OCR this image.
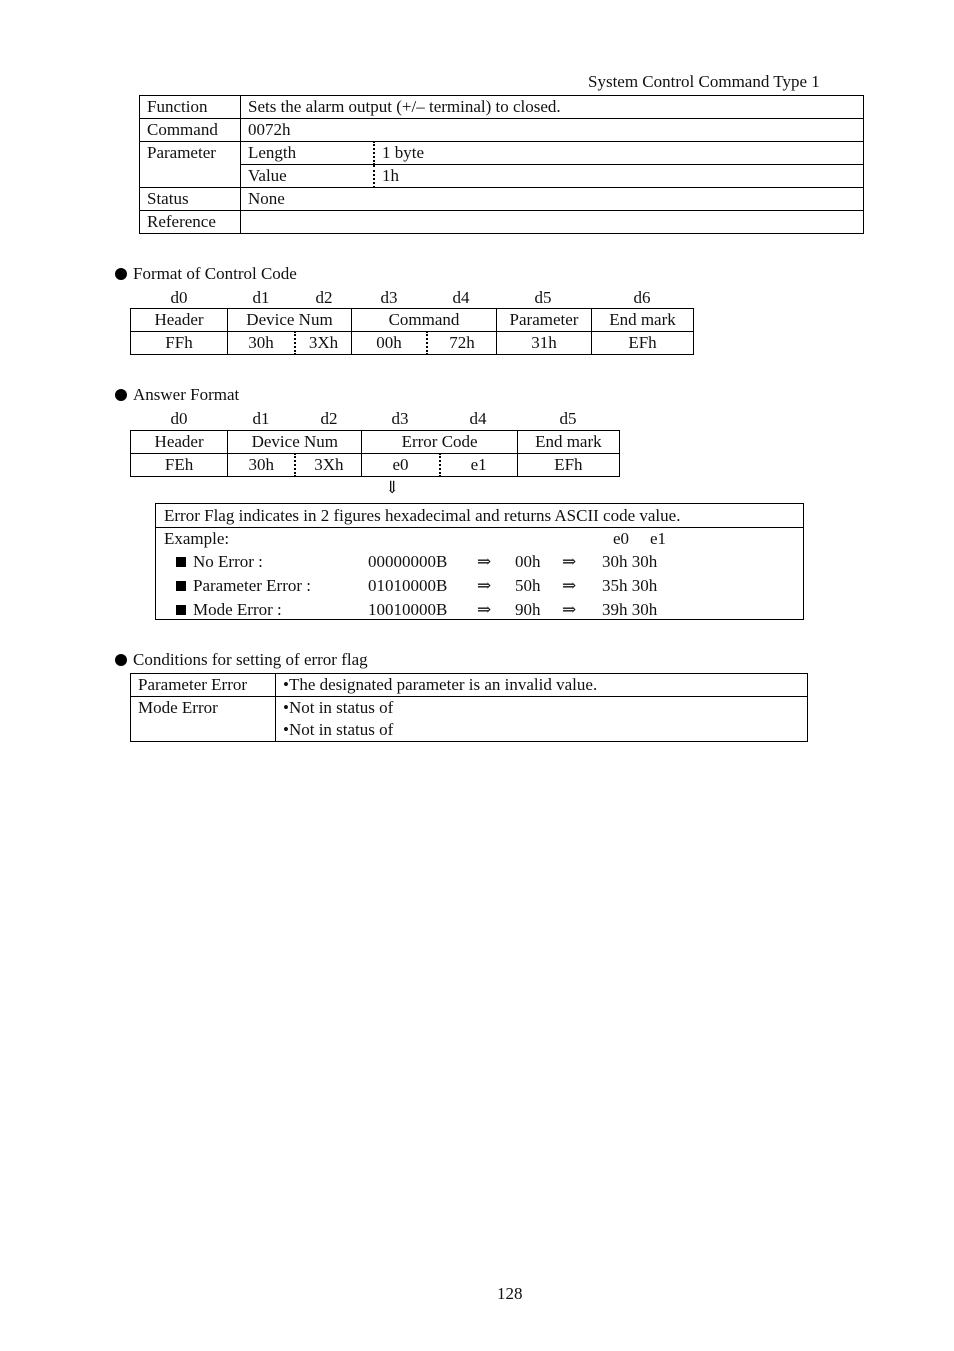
System Control Command Type 1
Function	Sets the alarm output (+/– terminal) to closed.	
Command	0072h	
Parameter	Length	1 byte
	Value	1h
Status	None	
Reference		
Format of Control Code
d0	d1	d2	d3	d4	d5	d6
Header	Device Num		Command		Parameter	End mark
FFh	30h	3Xh	00h	72h	31h	EFh
Answer Format
d0	d1	d2	d3	d4	d5
Header	Device Num		Error Code		End mark
FEh	30h	3Xh	e0	e1	EFh
⇓
Error Flag indicates in 2 figures hexadecimal and returns ASCII code value.
Example:	e0 e1
No Error :	00000000B ⇒ 00h ⇒ 30h 30h
Parameter Error :	01010000B ⇒ 50h ⇒ 35h 30h
Mode Error :	10010000B ⇒ 90h ⇒ 39h 30h
Conditions for setting of error flag
Parameter Error	•The designated parameter is an invalid value.
Mode Error	•Not in status of
•Not in status of
128
